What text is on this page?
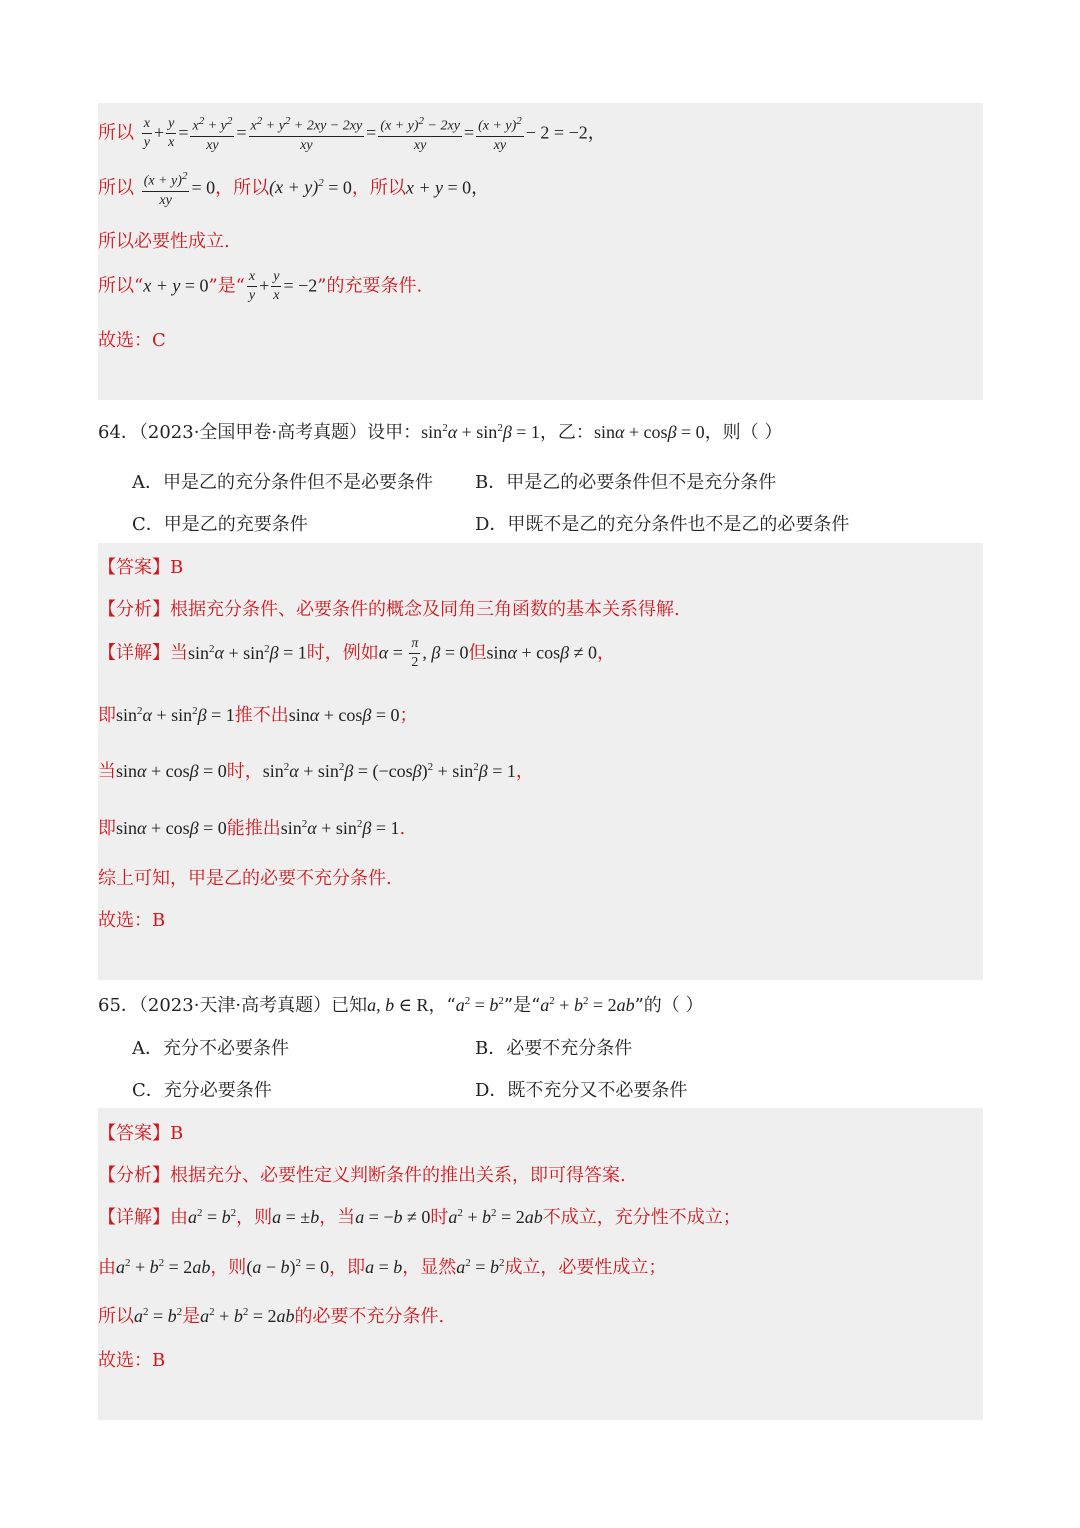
所以 $\frac{x}{y} + \frac{y}{x} = \frac{x^2 + y^2}{xy} = \frac{x^2 + y^2 + 2xy - 2xy}{xy} = \frac{(x + y)^2 - 2xy}{xy} = \frac{(x + y)^2}{xy} - 2 = -2$，
所以 $\frac{(x + y)^2}{xy} = 0$，所以$(x + y)^2 = 0$，所以x + y = 0，
所以必要性成立.
所以“x + y = 0”是“ $\frac{x}{y} + \frac{y}{x} = -2$”的充要条件.
故选：C
64．（2023·全国甲卷·高考真题）设甲：$\sin^2\alpha + \sin^2\beta = 1$，乙：sinα + cosβ = 0，则（ ）
A．甲是乙的充分条件但不是必要条件 B．甲是乙的必要条件但不是充分条件
C．甲是乙的充要条件	D．甲既不是乙的充分条件也不是乙的必要条件
【答案】B
【分析】根据充分条件、必要条件的概念及同角三角函数的基本关系得解.
【详解】当$\sin^2\alpha + \sin^2\beta = 1$时，例如$\alpha = \frac{\pi}{2}$ , β = 0但sinα + cosβ ≠ 0，
即$\sin^2\alpha + \sin^2\beta = 1$推不出sinα + cosβ = 0；
当sinα + cosβ = 0时，$\sin^2\alpha + \sin^2\beta = (-\cos\beta)^2 + \sin^2\beta = 1$，
即sinα + cosβ = 0能推出$\sin^2\alpha + \sin^2\beta = 1$.
综上可知，甲是乙的必要不充分条件.
故选：B
65．（2023·天津·高考真题）已知a, b ∈ R，“$a^2 = b^2$”是“$a^2 + b^2 = 2ab$”的（ ）
A．充分不必要条件	B．必要不充分条件
C．充分必要条件	D．既不充分又不必要条件
【答案】B
【分析】根据充分、必要性定义判断条件的推出关系，即可得答案.
【详解】由$a^2 = b^2$，则a = ±b，当a = −b ≠ 0时$a^2 + b^2 = 2ab$不成立，充分性不成立；
由$a^2 + b^2 = 2ab$，则$(a - b)^2 = 0$，即a = b，显然$a^2 = b^2$成立，必要性成立；
所以$a^2 = b^2$是$a^2 + b^2 = 2ab$的必要不充分条件.
故选：B
